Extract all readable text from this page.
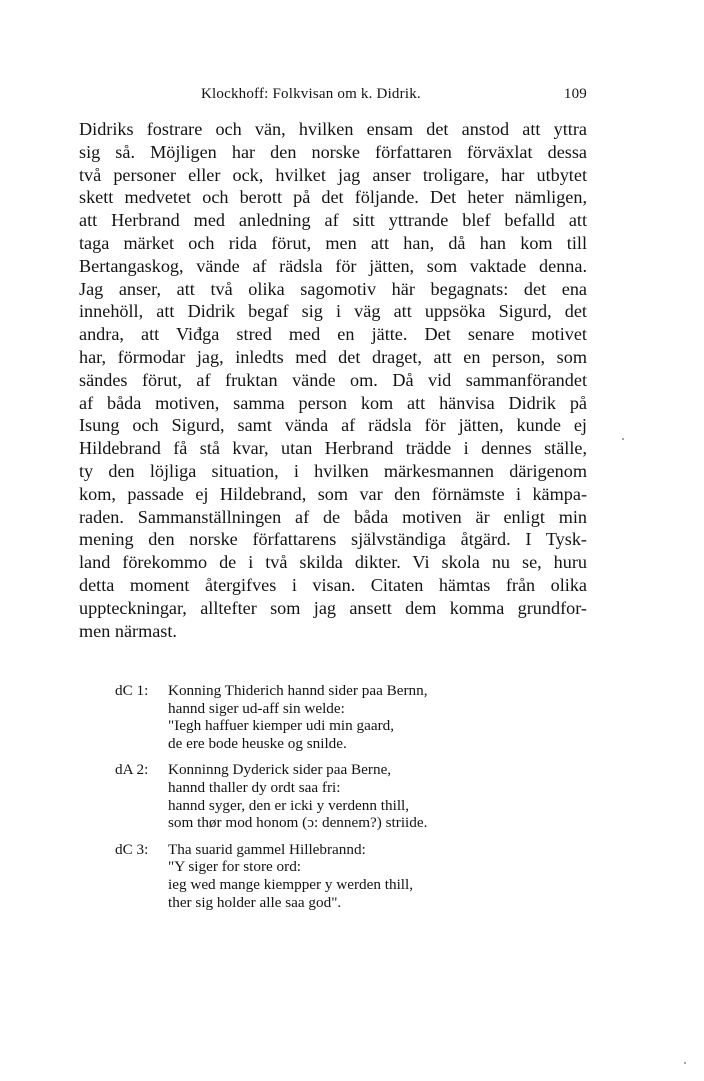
Klockhoff: Folkvisan om k. Didrik.	109
Didriks fostrare och vän, hvilken ensam det anstod att yttra
sig så. Möjligen har den norske författaren förväxlat dessa
två personer eller ock, hvilket jag anser troligare, har utbytet
skett medvetet och berott på det följande. Det heter nämligen,
att Herbrand med anledning af sitt yttrande blef befalld att
taga märket och rida förut, men att han, då han kom till
Bertangaskog, vände af rädsla för jätten, som vaktade denna.
Jag anser, att två olika sagomotiv här begagnats: det ena
innehöll, att Didrik begaf sig i väg att uppsöka Sigurd, det
andra, att Viđga stred med en jätte. Det senare motivet
har, förmodar jag, inledts med det draget, att en person, som
sändes förut, af fruktan vände om. Då vid sammanförandet
af båda motiven, samma person kom att hänvisa Didrik på
Isung och Sigurd, samt vända af rädsla för jätten, kunde ej
Hildebrand få stå kvar, utan Herbrand trädde i dennes ställe,
ty den löjliga situation, i hvilken märkesmannen därigenom
kom, passade ej Hildebrand, som var den förnämste i kämpa-
raden. Sammanställningen af de båda motiven är enligt min
mening den norske författarens självständiga åtgärd. I Tysk-
land förekommo de i två skilda dikter. Vi skola nu se, huru
detta moment återgifves i visan. Citaten hämtas från olika
uppteckningar, alltefter som jag ansett dem komma grundfor-
men närmast.
dC 1: Konning Thiderich hannd sider paa Bernn,
hannd siger ud-aff sin welde:
"Iegh haffuer kiemper udi min gaard,
de ere bode heuske og snilde.
dA 2: Konninng Dyderick sider paa Berne,
hannd thaller dy ordt saa fri:
hannd syger, den er icki y verdenn thill,
som thør mod honom (ɔ: dennem?) striide.
dC 3: Tha suarid gammel Hillebrannd:
"Y siger for store ord:
ieg wed mange kiempper y werden thill,
ther sig holder alle saa god".
